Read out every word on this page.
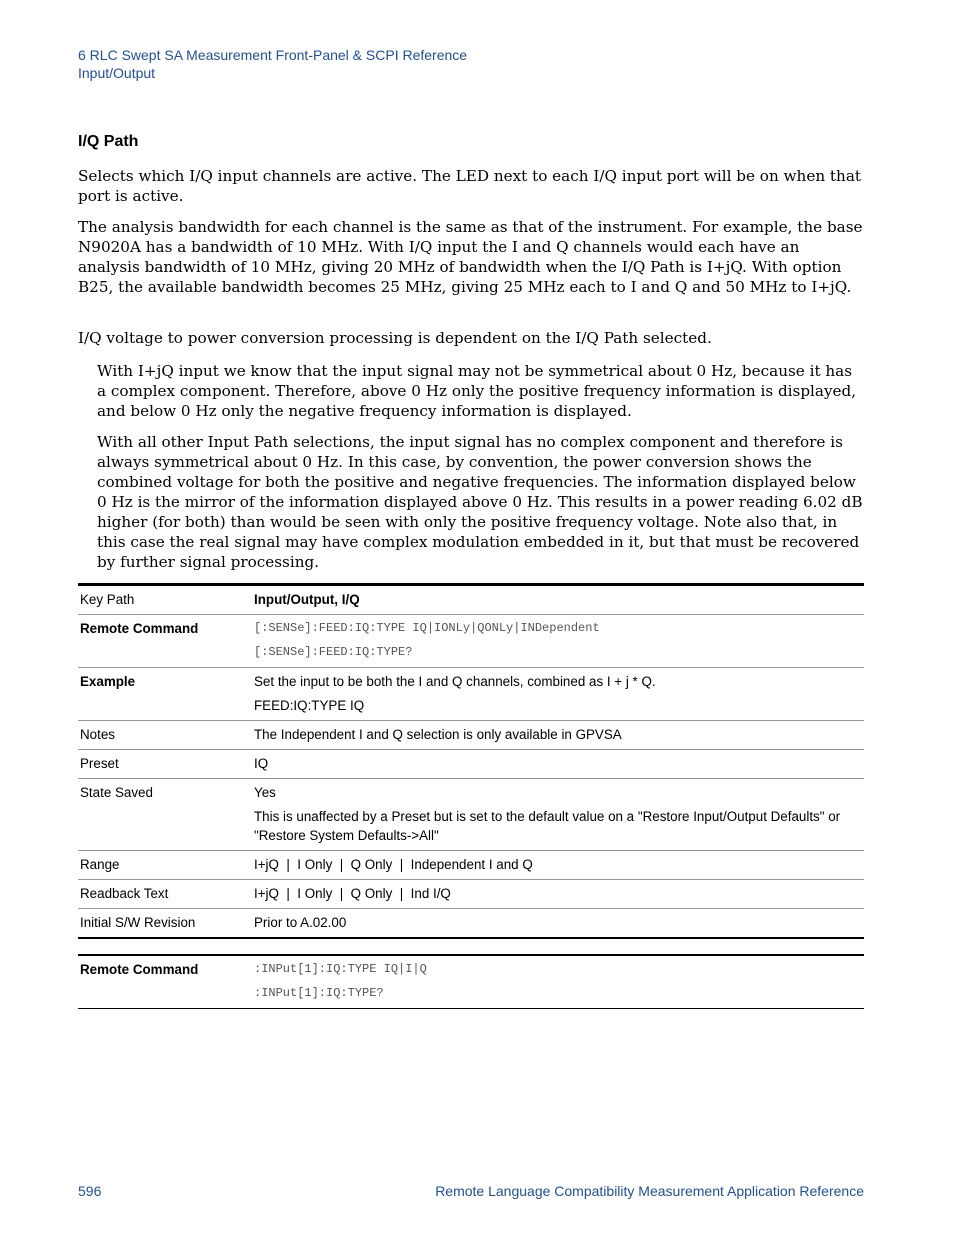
6 RLC Swept SA Measurement Front-Panel & SCPI Reference
Input/Output
I/Q Path
Selects which I/Q input channels are active. The LED next to each I/Q input port will be on when that port is active.
The analysis bandwidth for each channel is the same as that of the instrument. For example, the base N9020A has a bandwidth of 10 MHz. With I/Q input the I and Q channels would each have an analysis bandwidth of 10 MHz, giving 20 MHz of bandwidth when the I/Q Path is I+jQ. With option B25, the available bandwidth becomes 25 MHz, giving 25 MHz each to I and Q and 50 MHz to I+jQ.
I/Q voltage to power conversion processing is dependent on the I/Q Path selected.
With I+jQ input we know that the input signal may not be symmetrical about 0 Hz, because it has a complex component. Therefore, above 0 Hz only the positive frequency information is displayed, and below 0 Hz only the negative frequency information is displayed.
With all other Input Path selections, the input signal has no complex component and therefore is always symmetrical about 0 Hz. In this case, by convention, the power conversion shows the combined voltage for both the positive and negative frequencies. The information displayed below 0 Hz is the mirror of the information displayed above 0 Hz. This results in a power reading 6.02 dB higher (for both) than would be seen with only the positive frequency voltage. Note also that, in this case the real signal may have complex modulation embedded in it, but that must be recovered by further signal processing.
Key Path	Input/Output, I/Q

Remote Command	[:SENSe]:FEED:IQ:TYPE IQ|IONLy|QONLy|INDependent
[:SENSe]:FEED:IQ:TYPE?

Example	Set the input to be both the I and Q channels, combined as I + j * Q.
FEED:IQ:TYPE IQ

Notes	The Independent I and Q selection is only available in GPVSA

Preset	IQ

State Saved	Yes
This is unaffected by a Preset but is set to the default value on a "Restore Input/Output Defaults" or "Restore System Defaults->All"

Range	I+jQ  |  I Only  |  Q Only  |  Independent I and Q

Readback Text	I+jQ  |  I Only  |  Q Only  |  Ind I/Q

Initial S/W Revision	Prior to A.02.00
Remote Command	:INPut[1]:IQ:TYPE IQ|I|Q
:INPut[1]:IQ:TYPE?
596	Remote Language Compatibility Measurement Application Reference
